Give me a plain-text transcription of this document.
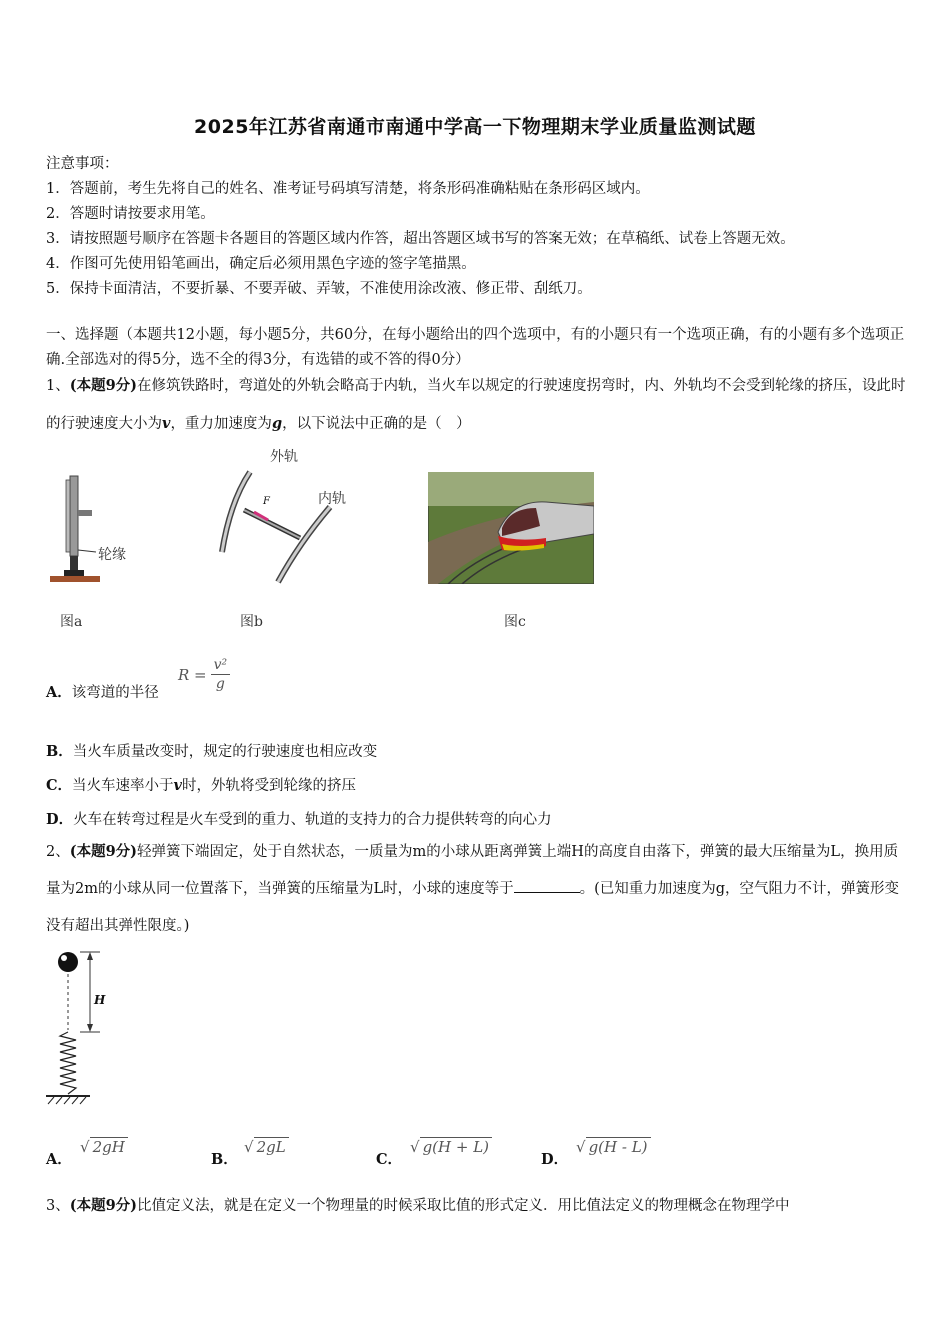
2025年江苏省南通市南通中学高一下物理期末学业质量监测试题
注意事项：
1．答题前，考生先将自己的姓名、准考证号码填写清楚，将条形码准确粘贴在条形码区域内。
2．答题时请按要求用笔。
3．请按照题号顺序在答题卡各题目的答题区域内作答，超出答题区域书写的答案无效；在草稿纸、试卷上答题无效。
4．作图可先使用铅笔画出，确定后必须用黑色字迹的签字笔描黑。
5．保持卡面清洁，不要折暴、不要弄破、弄皱，不准使用涂改液、修正带、刮纸刀。
一、选择题（本题共12小题，每小题5分，共60分，在每小题给出的四个选项中，有的小题只有一个选项正确，有的小题有多个选项正确.全部选对的得5分，选不全的得3分，有选错的或不答的得0分）
1、(本题9分)在修筑铁路时，弯道处的外轨会略高于内轨，当火车以规定的行驶速度拐弯时，内、外轨均不会受到轮缘的挤压，设此时的行驶速度大小为v，重力加速度为g，以下说法中正确的是（　）
轮缘
图a
外轨
内轨
F
图b	图c
A．该弯道的半径
$R = \frac{\text{v²}}{g}$
B．当火车质量改变时，规定的行驶速度也相应改变
C．当火车速率小于v时，外轨将受到轮缘的挤压
D．火车在转弯过程是火车受到的重力、轨道的支持力的合力提供转弯的向心力
2、(本题9分)轻弹簧下端固定，处于自然状态，一质量为m的小球从距离弹簧上端H的高度自由落下，弹簧的最大压缩量为L，换用质量为2m的小球从同一位置落下，当弹簧的压缩量为L时，小球的速度等于	。(已知重力加速度为g，空气阻力不计，弹簧形变没有超出其弹性限度。)
H
A．
√ 2gH
B．
√ 2gL
C．
√ g(H + L)
D．
√ g(H - L)
3、(本题9分)比值定义法，就是在定义一个物理量的时候采取比值的形式定义．用比值法定义的物理概念在物理学中
